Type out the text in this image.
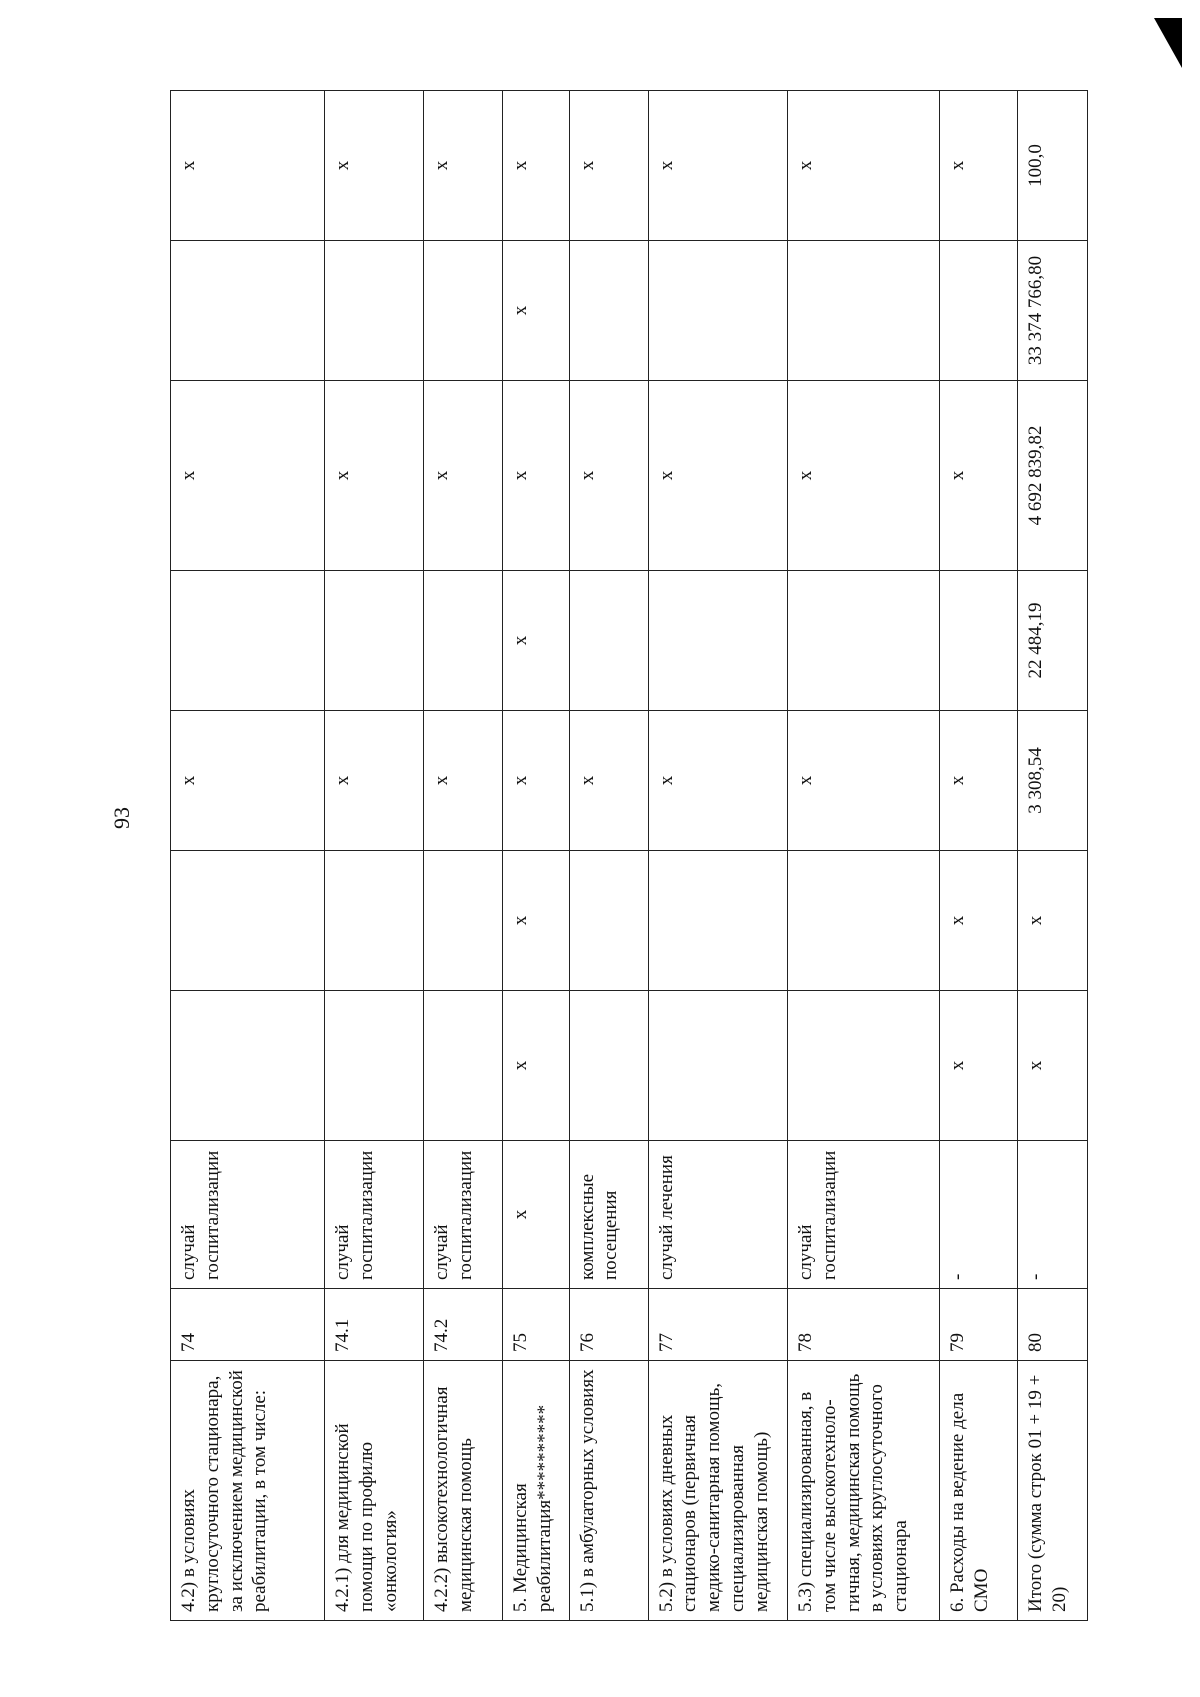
93
4.2) в условиях круглосуточного стационара, за исключением медицинской реабилитации, в том числе:	74	случай госпитализации			x		x		x
4.2.1) для медицинской помощи по профилю «онкология»	74.1	случай госпитализации			x		x		x
4.2.2) высокотехнологичная медицинская помощь	74.2	случай госпитализации			x		x		x
5. Медицинская реабилитация**********	75	x	x	x	x	x	x	x	x
5.1) в амбулаторных условиях	76	комплексные посещения			x		x		x
5.2) в условиях дневных стационаров (первичная медико-санитарная помощь, специализированная медицинская помощь)	77	случай лечения			x		x		x
5.3) специализированная, в том числе высокотехноло-гичная, медицинская помощь в условиях круглосуточного стационара	78	случай госпитализации			x		x		x
6. Расходы на ведение дела СМО	79	-	x	x	x		x		x
Итого (сумма строк 01 + 19 + 20)	80	-	x	x	3 308,54	22 484,19	4 692 839,82	33 374 766,80	100,0
